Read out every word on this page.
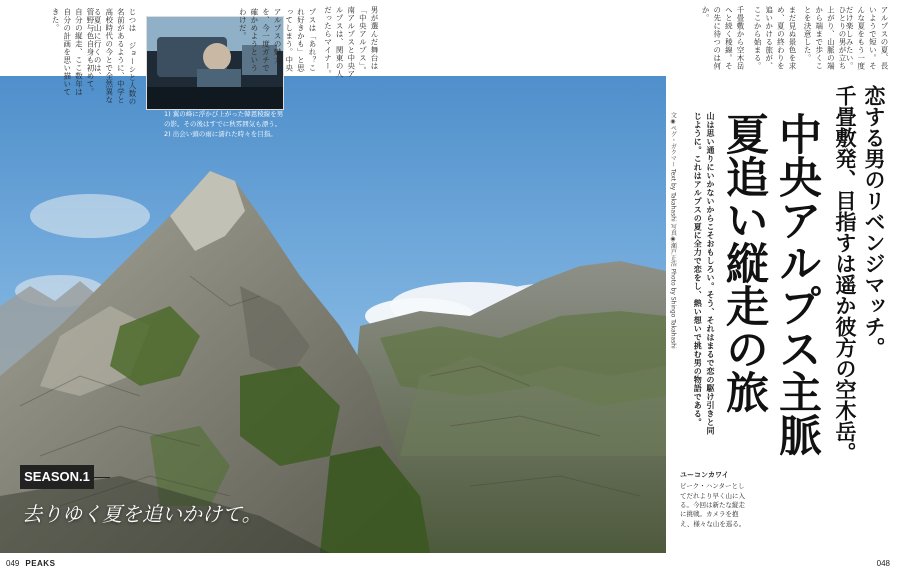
じつは ジョーシと人数の名前があるように、中学と高校時代の今とで全然異なる夏山に行くのは、
管野与色自身も初めて。 自分の縦走、ここ数年は自分の計画を思い描いてきた。	男が選んだ舞台は「中央アルプス」。南アルプスと中央アルプスは、関東の人だったらマイナー。
プスは「あれ？これ好きかも」と思ってしまう。中央アルプスの魅力を、今一度ガチで確かめようというわけだ。
1) 翼の峰に浮かび上がった韓恩稜線を男の影。その後はすでに秋雰囲気も漂う。 2) 出会い頭の雨に濡れた時々を目指。
アルプスの夏、長いようで短い。そんな夏をもう一度だけ楽しみたい。
ひとりの男が立ち上がり、山脈の端から端まで歩くことを決意した。
まだ見ぬ景色を求め、夏の終わりを追いかける旅が、ここから始まる。
千畳敷から空木岳へと続く稜線。その先に待つのは何か。
恋する男のリベンジマッチ。
千畳敷発、目指すは遥か彼方の空木岳。
中央アルプス主脈
夏追い縦走の旅
山は思い通りにいかないからこそおもしろい。そう、それはまるで恋の駆け引きと同じように。これはアルプスの夏に全力で恋をし、熱い想いで挑む男の物語である。
文◉ペグ・ガクマー Text by Takahashi 写真◉瀬戸正浩 Photo by Shingo Takahashi
ユーコンカワイ
ピーク・ハンターとしてだれより早く山に入る。今回は新たな縦走に挑戦。カメラを抱え、様々な山を巡る。
SEASON.1
去りゆく夏を追いかけて。
049 PEAKS	048
